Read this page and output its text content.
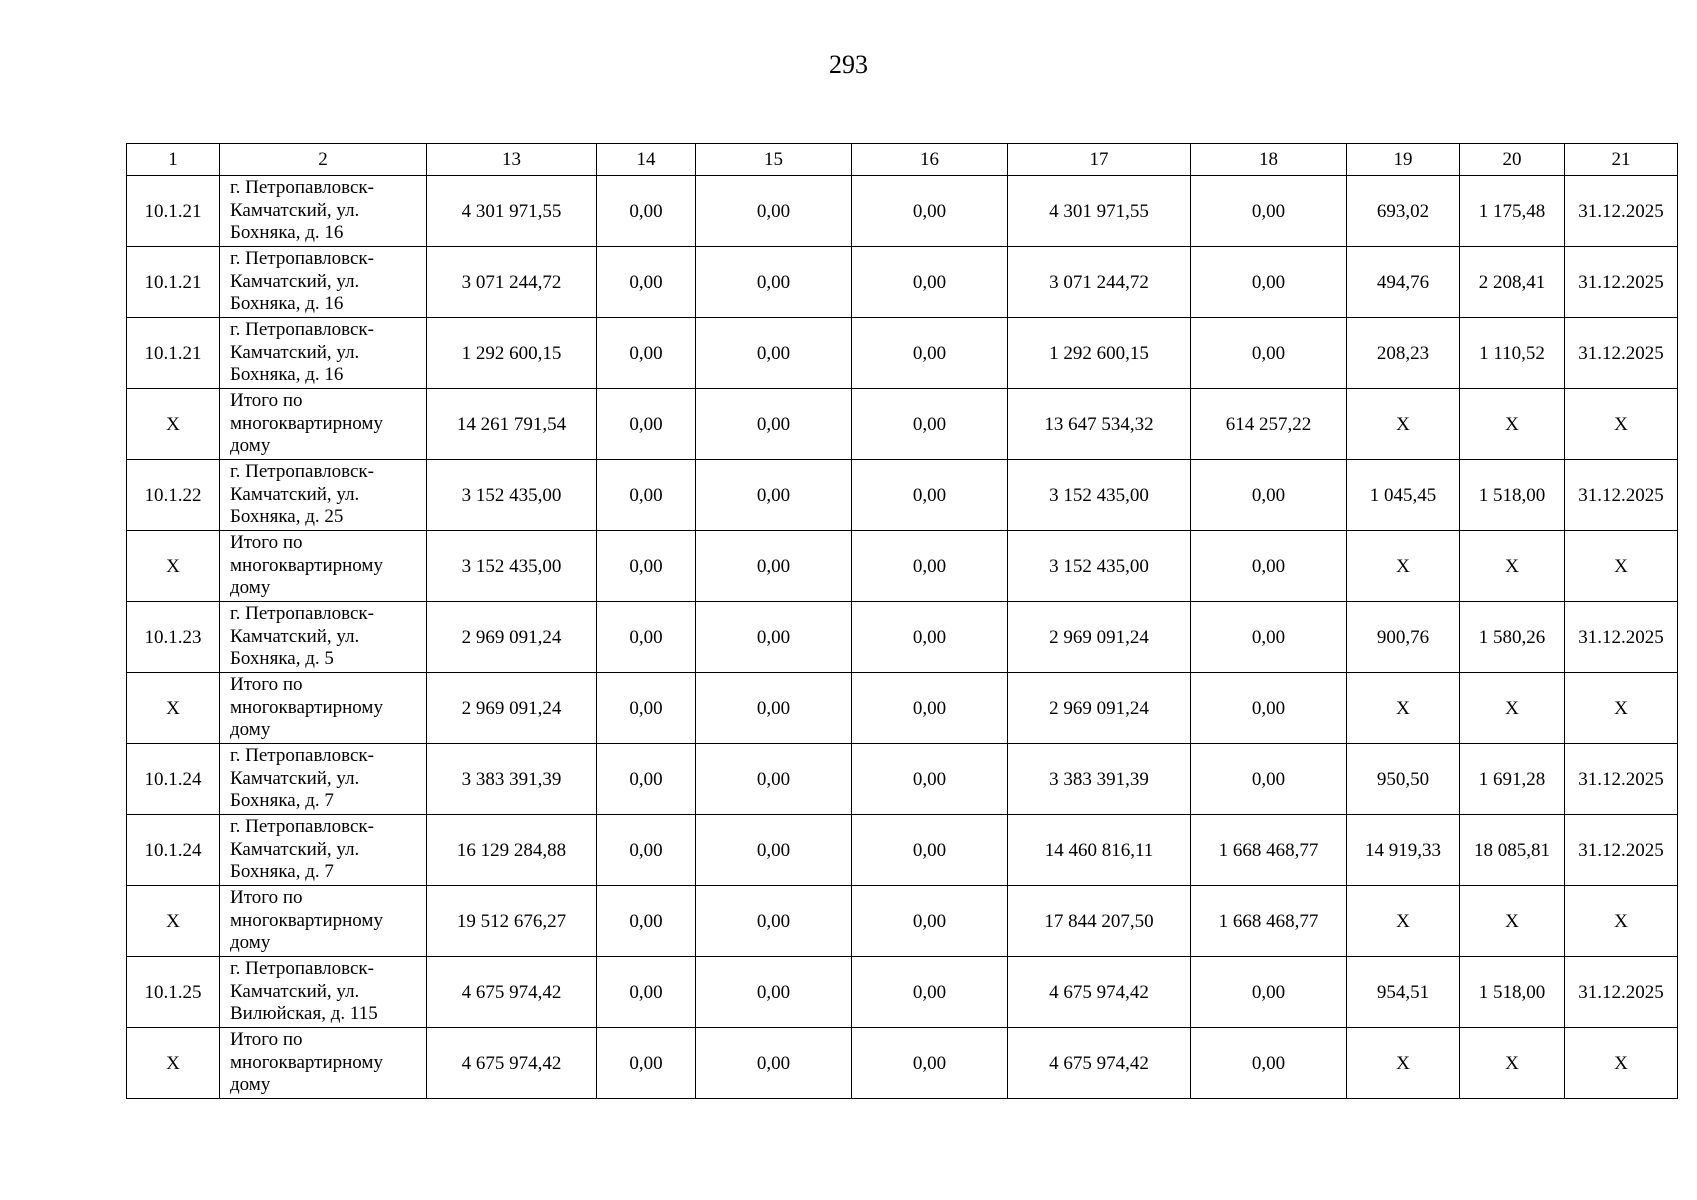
293
1	2	13	14	15	16	17	18	19	20	21
10.1.21	г. Петропавловск-
Камчатский, ул.
Бохняка, д. 16	4 301 971,55	0,00	0,00	0,00	4 301 971,55	0,00	693,02	1 175,48	31.12.2025
10.1.21	г. Петропавловск-
Камчатский, ул.
Бохняка, д. 16	3 071 244,72	0,00	0,00	0,00	3 071 244,72	0,00	494,76	2 208,41	31.12.2025
10.1.21	г. Петропавловск-
Камчатский, ул.
Бохняка, д. 16	1 292 600,15	0,00	0,00	0,00	1 292 600,15	0,00	208,23	1 110,52	31.12.2025
X	Итого по
многоквартирному
дому	14 261 791,54	0,00	0,00	0,00	13 647 534,32	614 257,22	X	X	X
10.1.22	г. Петропавловск-
Камчатский, ул.
Бохняка, д. 25	3 152 435,00	0,00	0,00	0,00	3 152 435,00	0,00	1 045,45	1 518,00	31.12.2025
X	Итого по
многоквартирному
дому	3 152 435,00	0,00	0,00	0,00	3 152 435,00	0,00	X	X	X
10.1.23	г. Петропавловск-
Камчатский, ул.
Бохняка, д. 5	2 969 091,24	0,00	0,00	0,00	2 969 091,24	0,00	900,76	1 580,26	31.12.2025
X	Итого по
многоквартирному
дому	2 969 091,24	0,00	0,00	0,00	2 969 091,24	0,00	X	X	X
10.1.24	г. Петропавловск-
Камчатский, ул.
Бохняка, д. 7	3 383 391,39	0,00	0,00	0,00	3 383 391,39	0,00	950,50	1 691,28	31.12.2025
10.1.24	г. Петропавловск-
Камчатский, ул.
Бохняка, д. 7	16 129 284,88	0,00	0,00	0,00	14 460 816,11	1 668 468,77	14 919,33	18 085,81	31.12.2025
X	Итого по
многоквартирному
дому	19 512 676,27	0,00	0,00	0,00	17 844 207,50	1 668 468,77	X	X	X
10.1.25	г. Петропавловск-
Камчатский, ул.
Вилюйская, д. 115	4 675 974,42	0,00	0,00	0,00	4 675 974,42	0,00	954,51	1 518,00	31.12.2025
X	Итого по
многоквартирному
дому	4 675 974,42	0,00	0,00	0,00	4 675 974,42	0,00	X	X	X
